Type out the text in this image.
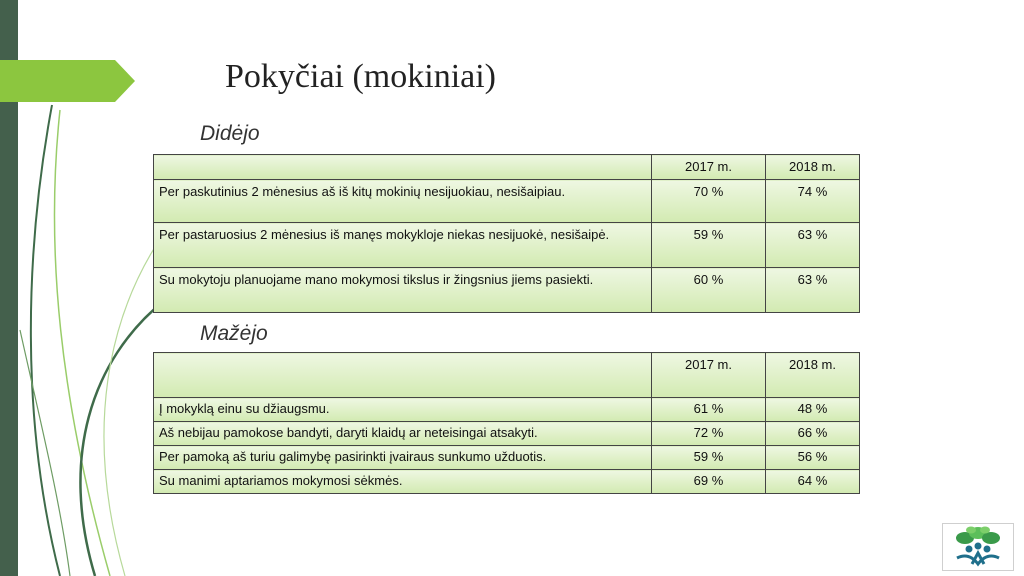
Pokyčiai (mokiniai)
Didėjo
	2017 m.	2018 m.
Per paskutinius 2 mėnesius aš iš kitų mokinių nesijuokiau, nesišaipiau.	70 %	74 %
Per pastaruosius 2 mėnesius iš manęs mokykloje niekas nesijuokė, nesišaipė.	59 %	63 %
Su mokytoju planuojame mano mokymosi tikslus ir žingsnius jiems pasiekti.	60 %	63 %
Mažėjo
	2017 m.	2018 m.
Į mokyklą einu su džiaugsmu.	61 %	48 %
Aš nebijau pamokose bandyti, daryti klaidų ar neteisingai atsakyti.	72 %	66 %
Per pamoką aš turiu galimybę pasirinkti įvairaus sunkumo užduotis.	59 %	56 %
Su manimi aptariamos mokymosi sėkmės.	69 %	64 %
